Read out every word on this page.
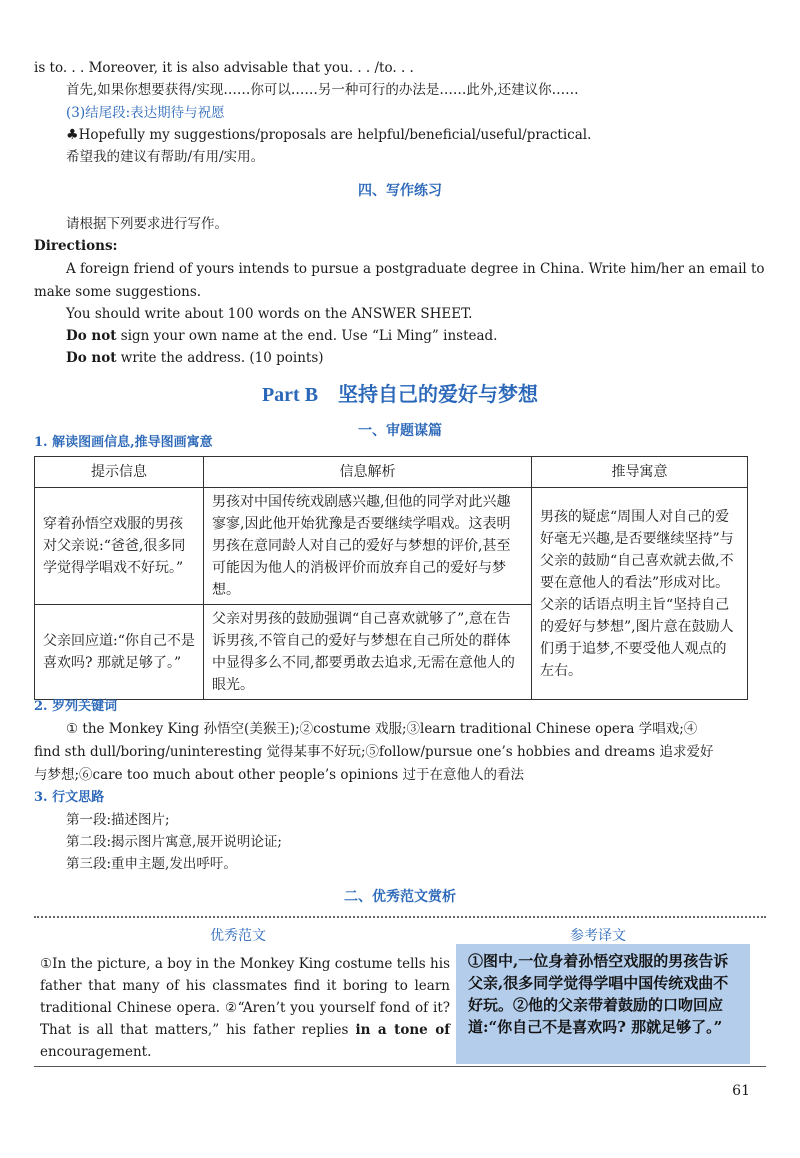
is to. . . Moreover, it is also advisable that you. . . /to. . .
首先,如果你想要获得/实现……你可以……另一种可行的办法是……此外,还建议你……
(3)结尾段:表达期待与祝愿
♣Hopefully my suggestions/proposals are helpful/beneficial/useful/practical.
希望我的建议有帮助/有用/实用。
四、写作练习
请根据下列要求进行写作。
Directions:
A foreign friend of yours intends to pursue a postgraduate degree in China. Write him/her an email to
make some suggestions.
You should write about 100 words on the ANSWER SHEET.
Do not sign your own name at the end. Use “Li Ming” instead.
Do not write the address. (10 points)
Part B 坚持自己的爱好与梦想
一、审题谋篇
1. 解读图画信息,推导图画寓意
提示信息	信息解析	推导寓意
穿着孙悟空戏服的男孩对父亲说:“爸爸,很多同学觉得学唱戏不好玩。”	男孩对中国传统戏剧感兴趣,但他的同学对此兴趣寥寥,因此他开始犹豫是否要继续学唱戏。这表明男孩在意同龄人对自己的爱好与梦想的评价,甚至可能因为他人的消极评价而放弃自己的爱好与梦想。	男孩的疑虑“周围人对自己的爱好毫无兴趣,是否要继续坚持”与父亲的鼓励“自己喜欢就去做,不要在意他人的看法”形成对比。父亲的话语点明主旨“坚持自己的爱好与梦想”,图片意在鼓励人们勇于追梦,不要受他人观点的左右。
父亲回应道:“你自己不是喜欢吗? 那就足够了。”	父亲对男孩的鼓励强调“自己喜欢就够了”,意在告诉男孩,不管自己的爱好与梦想在自己所处的群体中显得多么不同,都要勇敢去追求,无需在意他人的眼光。	
2. 罗列关键词
① the Monkey King 孙悟空(美猴王);②costume 戏服;③learn traditional Chinese opera 学唱戏;④
find sth dull/boring/uninteresting 觉得某事不好玩;⑤follow/pursue one’s hobbies and dreams 追求爱好
与梦想;⑥care too much about other people’s opinions 过于在意他人的看法
3. 行文思路
第一段:描述图片;
第二段:揭示图片寓意,展开说明论证;
第三段:重申主题,发出呼吁。
二、优秀范文赏析
优秀范文	参考译文
①In the picture, a boy in the Monkey King costume tells his father that many of his classmates find it boring to learn traditional Chinese opera. ②“Aren’t you yourself fond of it? That is all that matters,” his father replies in a tone of encouragement.
①图中,一位身着孙悟空戏服的男孩告诉父亲,很多同学觉得学唱中国传统戏曲不好玩。②他的父亲带着鼓励的口吻回应道:“你自己不是喜欢吗? 那就足够了。”
61
